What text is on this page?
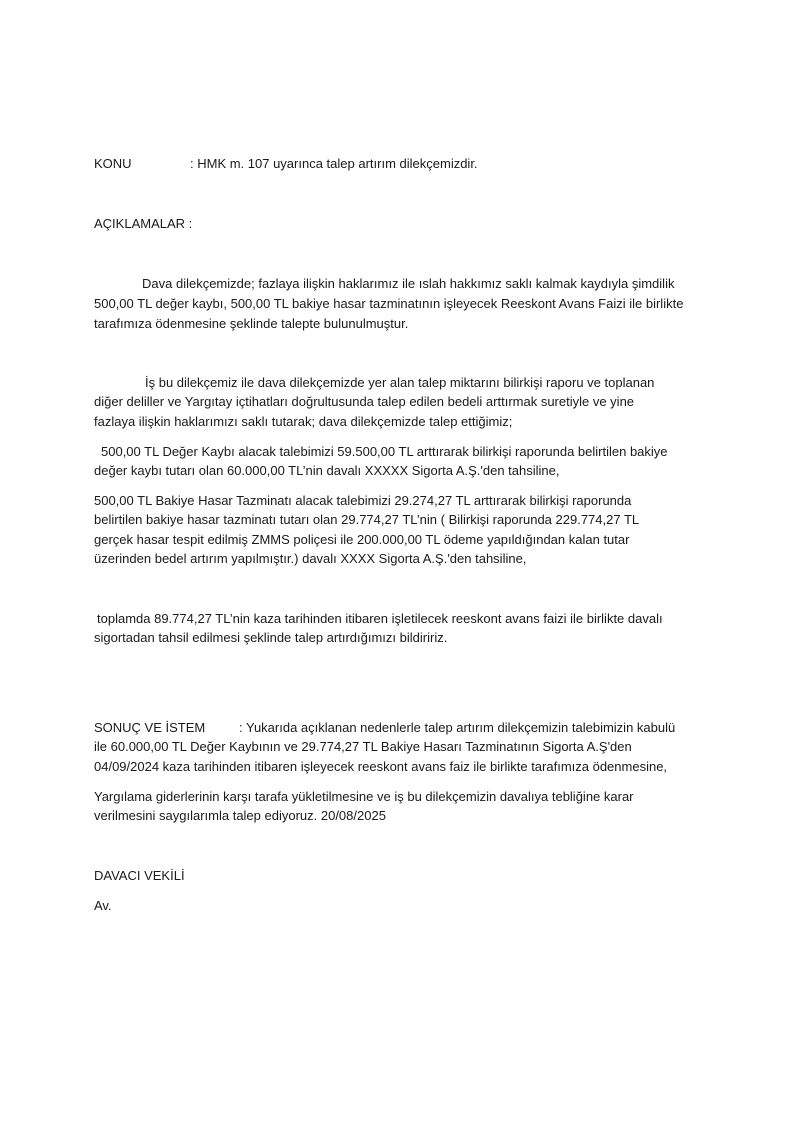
KONU	: HMK m. 107 uyarınca talep artırım dilekçemizdir.
AÇIKLAMALAR :
Dava dilekçemizde; fazlaya ilişkin haklarımız ile ıslah hakkımız saklı kalmak kaydıyla şimdilik
500,00 TL değer kaybı, 500,00 TL bakiye hasar tazminatının işleyecek Reeskont Avans Faizi ile birlikte
tarafımıza ödenmesine şeklinde talepte bulunulmuştur.
İş bu dilekçemiz ile dava dilekçemizde yer alan talep miktarını bilirkişi raporu ve toplanan
diğer deliller ve Yargıtay içtihatları doğrultusunda talep edilen bedeli arttırmak suretiyle ve yine
fazlaya ilişkin haklarımızı saklı tutarak; dava dilekçemizde talep ettiğimiz;
500,00 TL Değer Kaybı alacak talebimizi 59.500,00 TL arttırarak bilirkişi raporunda belirtilen bakiye
değer kaybı tutarı olan 60.000,00 TL’nin davalı XXXXX Sigorta A.Ş.'den tahsiline,
500,00 TL Bakiye Hasar Tazminatı alacak talebimizi 29.274,27 TL arttırarak bilirkişi raporunda
belirtilen bakiye hasar tazminatı tutarı olan 29.774,27 TL’nin ( Bilirkişi raporunda 229.774,27 TL
gerçek hasar tespit edilmiş ZMMS poliçesi ile 200.000,00 TL ödeme yapıldığından kalan tutar
üzerinden bedel artırım yapılmıştır.) davalı XXXX Sigorta A.Ş.'den tahsiline,
toplamda 89.774,27 TL’nin kaza tarihinden itibaren işletilecek reeskont avans faizi ile birlikte davalı
sigortadan tahsil edilmesi şeklinde talep artırdığımızı bildiririz.
SONUÇ VE İSTEM	: Yukarıda açıklanan nedenlerle talep artırım dilekçemizin talebimizin kabulü
ile 60.000,00 TL Değer Kaybının ve 29.774,27 TL Bakiye Hasarı Tazminatının Sigorta A.Ş'den
04/09/2024 kaza tarihinden itibaren işleyecek reeskont avans faiz ile birlikte tarafımıza ödenmesine,
Yargılama giderlerinin karşı tarafa yükletilmesine ve iş bu dilekçemizin davalıya tebliğine karar
verilmesini saygılarımla talep ediyoruz. 20/08/2025
DAVACI VEKİLİ
Av.
